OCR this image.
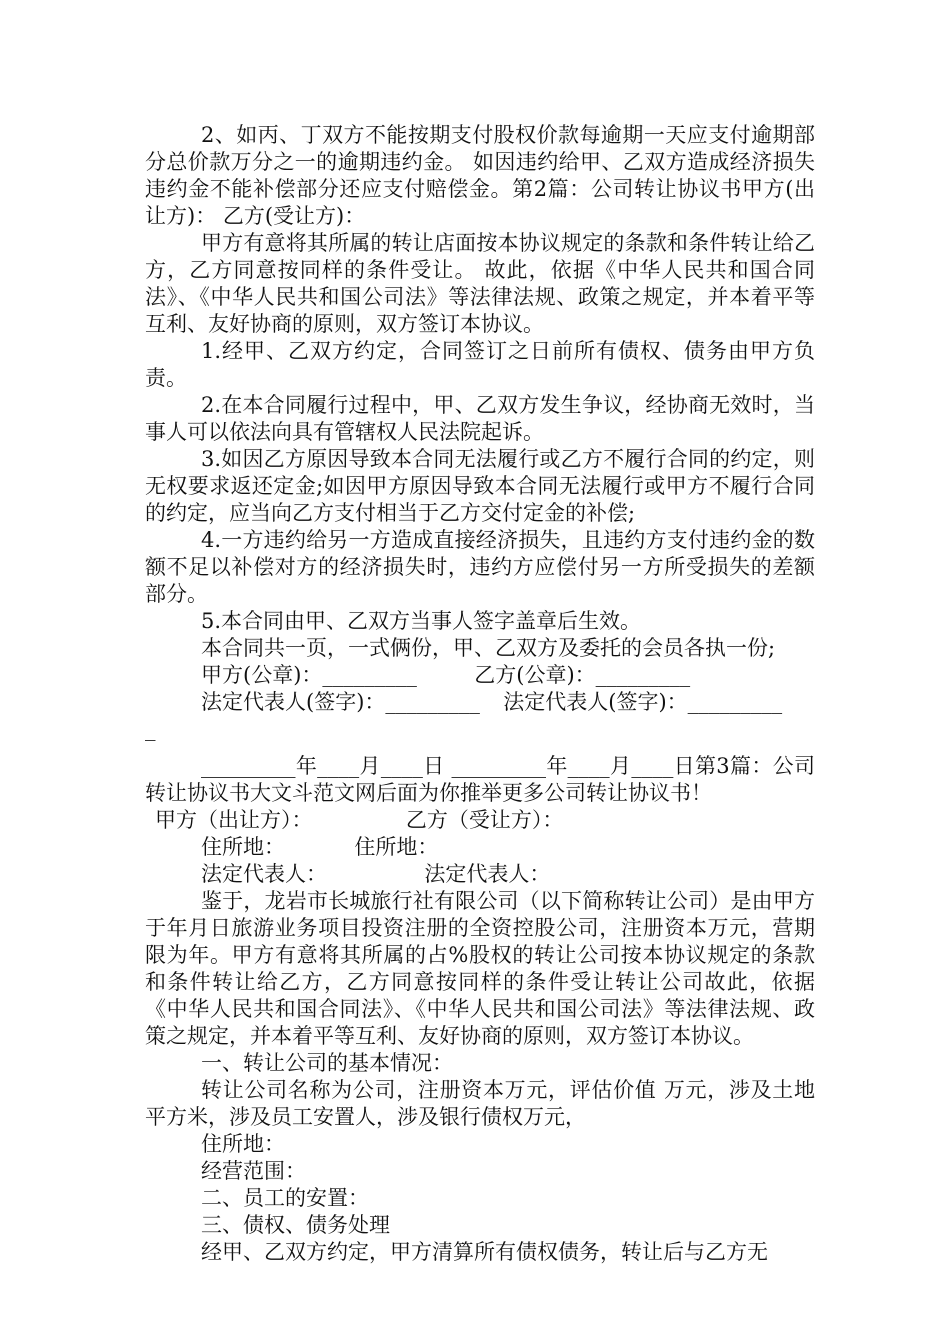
2、如丙、丁双方不能按期支付股权价款每逾期一天应支付逾期部分总价款万分之一的逾期违约金。 如因违约给甲、乙双方造成经济损失违约金不能补偿部分还应支付赔偿金。第2篇：公司转让协议书甲方(出让方)： 乙方(受让方)：

甲方有意将其所属的转让店面按本协议规定的条款和条件转让给乙方，乙方同意按同样的条件受让。 故此，依据《中华人民共和国合同法》、《中华人民共和国公司法》等法律法规、政策之规定，并本着平等互利、友好协商的原则，双方签订本协议。

1.经甲、乙双方约定，合同签订之日前所有债权、债务由甲方负责。

2.在本合同履行过程中，甲、乙双方发生争议，经协商无效时，当事人可以依法向具有管辖权人民法院起诉。

3.如因乙方原因导致本合同无法履行或乙方不履行合同的约定，则无权要求返还定金;如因甲方原因导致本合同无法履行或甲方不履行合同的约定，应当向乙方支付相当于乙方交付定金的补偿;

4.一方违约给另一方造成直接经济损失，且违约方支付违约金的数额不足以补偿对方的经济损失时，违约方应偿付另一方所受损失的差额部分。

5.本合同由甲、乙双方当事人签字盖章后生效。

本合同共一页，一式俩份，甲、乙双方及委托的会员各执一份;

甲方(公章)：_________	乙方(公章)：_________
法定代表人(签字)：_________ 法定代表人(签字)：_________
_

_________年____月____日 _________年____月____日第3篇：公司转让协议书大文斗范文网后面为你推举更多公司转让协议书！

甲方（出让方）：	乙方（受让方）：
住所地：	住所地：
法定代表人：	法定代表人：

鉴于，龙岩市长城旅行社有限公司（以下简称转让公司）是由甲方于年月日旅游业务项目投资注册的全资控股公司，注册资本万元，营期限为年。甲方有意将其所属的占%股权的转让公司按本协议规定的条款和条件转让给乙方，乙方同意按同样的条件受让转让公司故此，依据《中华人民共和国合同法》、《中华人民共和国公司法》等法律法规、政策之规定，并本着平等互利、友好协商的原则，双方签订本协议。

一、转让公司的基本情况：

转让公司名称为公司，注册资本万元，评估价值 万元，涉及土地平方米，涉及员工安置人，涉及银行债权万元，

住所地：

经营范围：

二、员工的安置：

三、债权、债务处理

经甲、乙双方约定，甲方清算所有债权债务，转让后与乙方无
